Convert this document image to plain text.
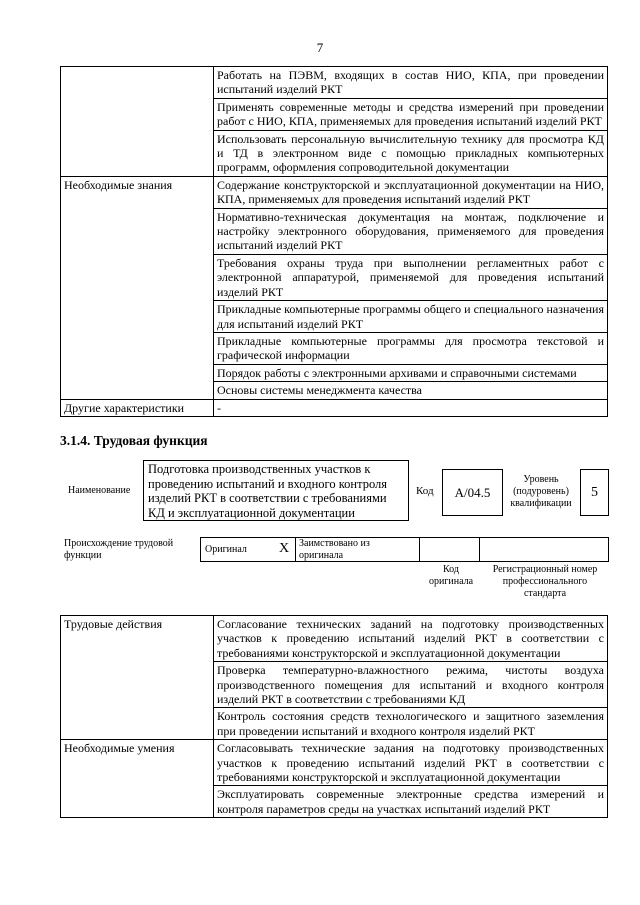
7
	Работать на ПЭВМ, входящих в состав НИО, КПА, при проведении испытаний изделий РКТ
	Применять современные методы и средства измерений при проведении работ с НИО, КПА, применяемых для проведения испытаний изделий РКТ
	Использовать персональную вычислительную технику для просмотра КД и ТД в электронном виде с помощью прикладных компьютерных программ, оформления сопроводительной документации
Необходимые знания	Содержание конструкторской и эксплуатационной документации на НИО, КПА, применяемых для проведения испытаний изделий РКТ
	Нормативно-техническая документация на монтаж, подключение и настройку электронного оборудования, применяемого для проведения испытаний изделий РКТ
	Требования охраны труда при выполнении регламентных работ с электронной аппаратурой, применяемой для проведения испытаний изделий РКТ
	Прикладные компьютерные программы общего и специального назначения для испытаний изделий РКТ
	Прикладные компьютерные программы для просмотра текстовой и графической информации
	Порядок работы с электронными архивами и справочными системами
	Основы системы менеджмента качества
Другие характеристики	-
3.1.4. Трудовая функция
Наименование
Подготовка производственных участков к проведению испытаний и входного контроля изделий РКТ в соответствии с требованиями КД и эксплуатационной документации
Код	A/04.5
Уровень (подуровень) квалификации
5
Происхождение трудовой функции
Оригинал X Заимствовано из оригинала
Код оригинала
Регистрационный номер профессионального стандарта
Трудовые действия	Согласование технических заданий на подготовку производственных участков к проведению испытаний изделий РКТ в соответствии с требованиями конструкторской и эксплуатационной документации
	Проверка температурно-влажностного режима, чистоты воздуха производственного помещения для испытаний и входного контроля изделий РКТ в соответствии с требованиями КД
	Контроль состояния средств технологического и защитного заземления при проведении испытаний и входного контроля изделий РКТ
Необходимые умения	Согласовывать технические задания на подготовку производственных участков к проведению испытаний изделий РКТ в соответствии с требованиями конструкторской и эксплуатационной документации
	Эксплуатировать современные электронные средства измерений и контроля параметров среды на участках испытаний изделий РКТ
